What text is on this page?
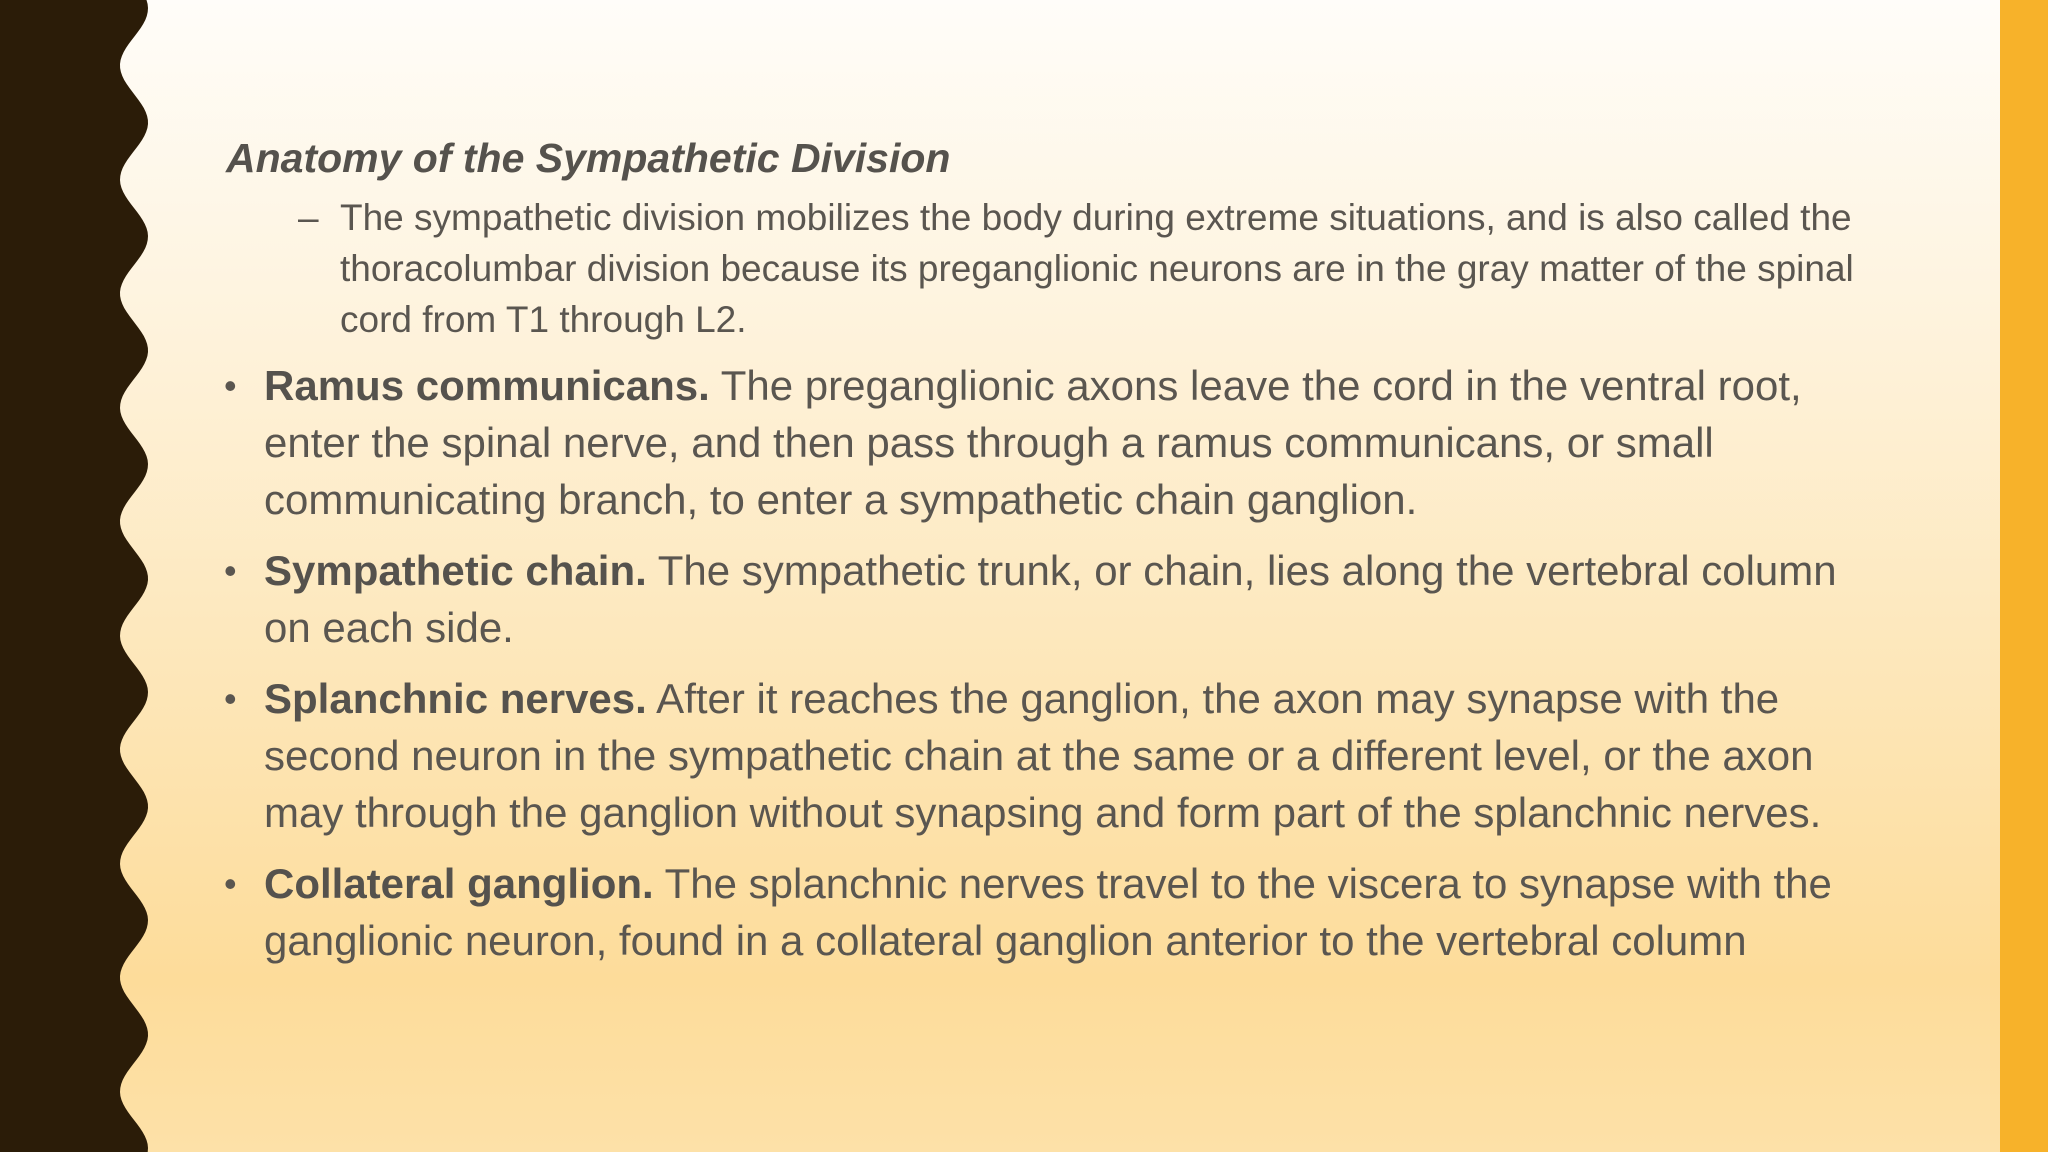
Anatomy of the Sympathetic Division
– The sympathetic division mobilizes the body during extreme situations, and is also called the thoracolumbar division because its preganglionic neurons are in the gray matter of the spinal cord from T1 through L2.
• Ramus communicans. The preganglionic axons leave the cord in the ventral root, enter the spinal nerve, and then pass through a ramus communicans, or small communicating branch, to enter a sympathetic chain ganglion.
• Sympathetic chain. The sympathetic trunk, or chain, lies along the vertebral column on each side.
• Splanchnic nerves. After it reaches the ganglion, the axon may synapse with the second neuron in the sympathetic chain at the same or a different level, or the axon may through the ganglion without synapsing and form part of the splanchnic nerves.
• Collateral ganglion. The splanchnic nerves travel to the viscera to synapse with the ganglionic neuron, found in a collateral ganglion anterior to the vertebral column
